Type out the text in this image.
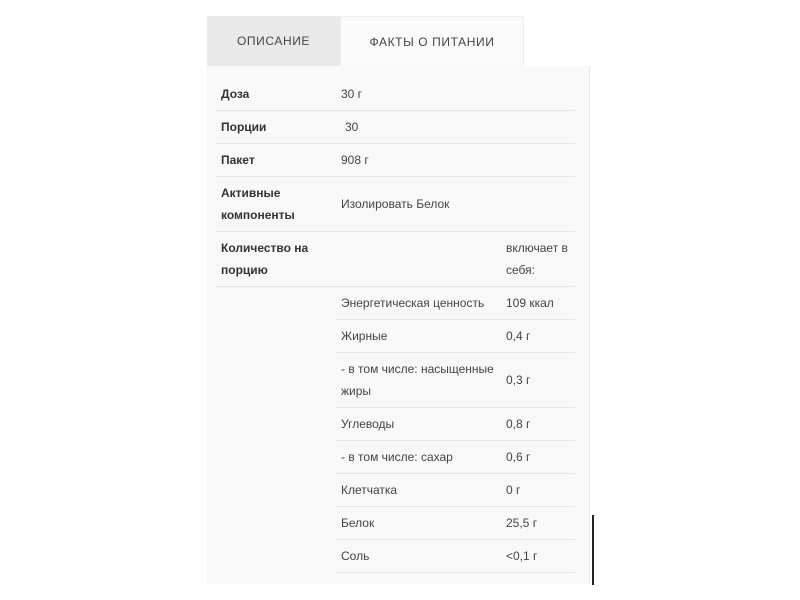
ОПИСАНИЕ	ФАКТЫ О ПИТАНИИ
Доза	30 г	
Порции	30	
Пакет	908 г	
Активные компоненты	Изолировать Белок	
Количество на порцию		включает в себя:
	Энергетическая ценность	109 ккал
	Жирные	0,4 г
	- в том числе: насыщенные жиры	0,3 г
	Углеводы	0,8 г
	- в том числе: сахар	0,6 г
	Клетчатка	0 г
	Белок	25,5 г
	Соль	<0,1 г
